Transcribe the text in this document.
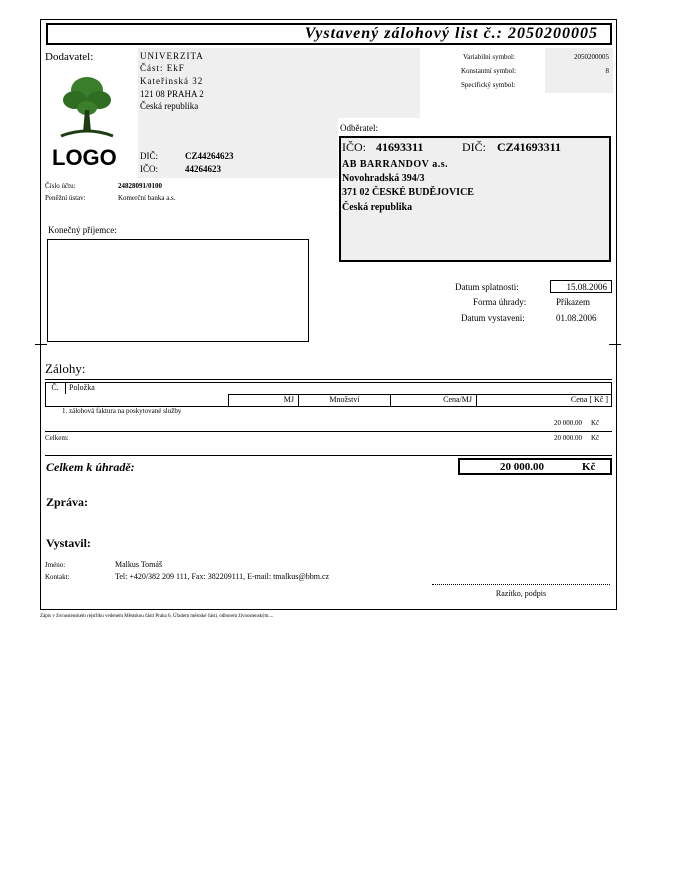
Vystavený zálohový list č.: 2050200005
Dodavatel:	UNIVERZITA
Část: EkF
Kateřinská 32
121 08 PRAHA 2
Česká republika
LOGO	DIČ:	CZ44264623
IČO:	44264623
Variabilní symbol:	2050200005
Konstantní symbol:	8
Specifický symbol:
Číslo účtu:	24828091/0100
Peněžní ústav:	Komerční banka a.s.
Odběratel:
IČO: 41693311	DIČ: CZ41693311
AB BARRANDOV a.s.
Novohradská 394/3
371 02 ČESKÉ BUDĚJOVICE
Česká republika
Konečný příjemce:
Datum splatnosti:	15.08.2006
Forma úhrady:	Příkazem
Datum vystavení:	01.08.2006
Zálohy:
Č.	Položka
MJ	Množství	Cena/MJ	Cena [ Kč ]
1. zálohová faktura na poskytované služby
20 000.00 Kč
Celkem:	20 000.00 Kč
Celkem k úhradě:	20 000.00	Kč
Zpráva:
Vystavil:
Jméno:	Malkus Tomáš
Kontakt:	Tel: +420/382 209 111, Fax: 382209111, E-mail: tmalkus@bbm.cz
Razítko, podpis
Zápis v živnostenském rejstříku vedeném Městskou částí Praha 6, Úřadem městské části, odborem živnostenským....
